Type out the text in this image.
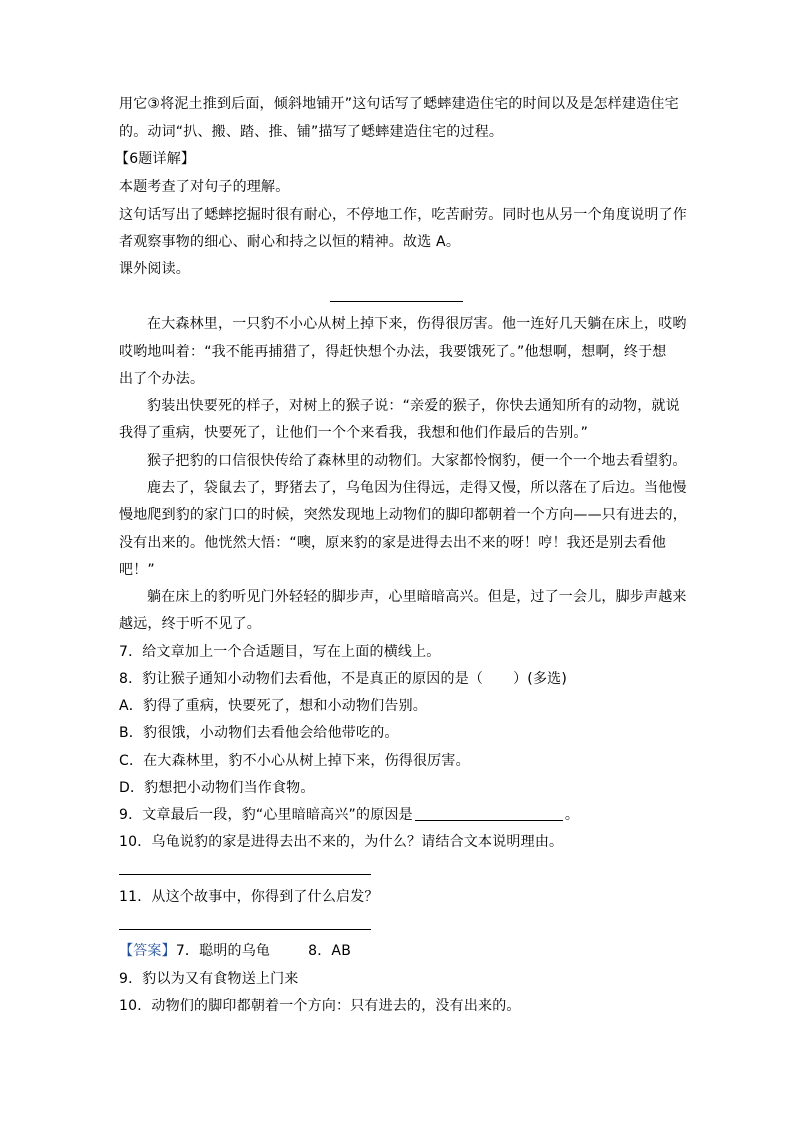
用它③将泥土推到后面，倾斜地铺开”这句话写了蟋蟀建造住宅的时间以及是怎样建造住宅
的。动词“扒、搬、踏、推、铺”描写了蟋蟀建造住宅的过程。
【6题详解】
本题考查了对句子的理解。
这句话写出了蟋蟀挖掘时很有耐心，不停地工作，吃苦耐劳。同时也从另一个角度说明了作
者观察事物的细心、耐心和持之以恒的精神。故选 A。
课外阅读。
在大森林里，一只豹不小心从树上掉下来，伤得很厉害。他一连好几天躺在床上，哎哟
哎哟地叫着：“我不能再捕猎了，得赶快想个办法，我要饿死了。”他想啊，想啊，终于想
出了个办法。
豹装出快要死的样子，对树上的猴子说：“亲爱的猴子，你快去通知所有的动物，就说
我得了重病，快要死了，让他们一个个来看我，我想和他们作最后的告别。”
猴子把豹的口信很快传给了森林里的动物们。大家都怜悯豹，便一个一个地去看望豹。
鹿去了，袋鼠去了，野猪去了，乌龟因为住得远，走得又慢，所以落在了后边。当他慢
慢地爬到豹的家门口的时候，突然发现地上动物们的脚印都朝着一个方向——只有进去的，
没有出来的。他恍然大悟：“噢，原来豹的家是进得去出不来的呀！哼！我还是别去看他
吧！”
躺在床上的豹听见门外轻轻的脚步声，心里暗暗高兴。但是，过了一会儿，脚步声越来
越远，终于听不见了。
7．给文章加上一个合适题目，写在上面的横线上。
8．豹让猴子通知小动物们去看他，不是真正的原因的是（ ）(多选)
A．豹得了重病，快要死了，想和小动物们告别。
B．豹很饿，小动物们去看他会给他带吃的。
C．在大森林里，豹不小心从树上掉下来，伤得很厉害。
D．豹想把小动物们当作食物。
9．文章最后一段，豹“心里暗暗高兴”的原因是	。
10．乌龟说豹的家是进得去出不来的，为什么？请结合文本说明理由。
11．从这个故事中，你得到了什么启发？
【答案】7．聪明的乌龟	8．AB
9．豹以为又有食物送上门来
10．动物们的脚印都朝着一个方向：只有进去的，没有出来的。
